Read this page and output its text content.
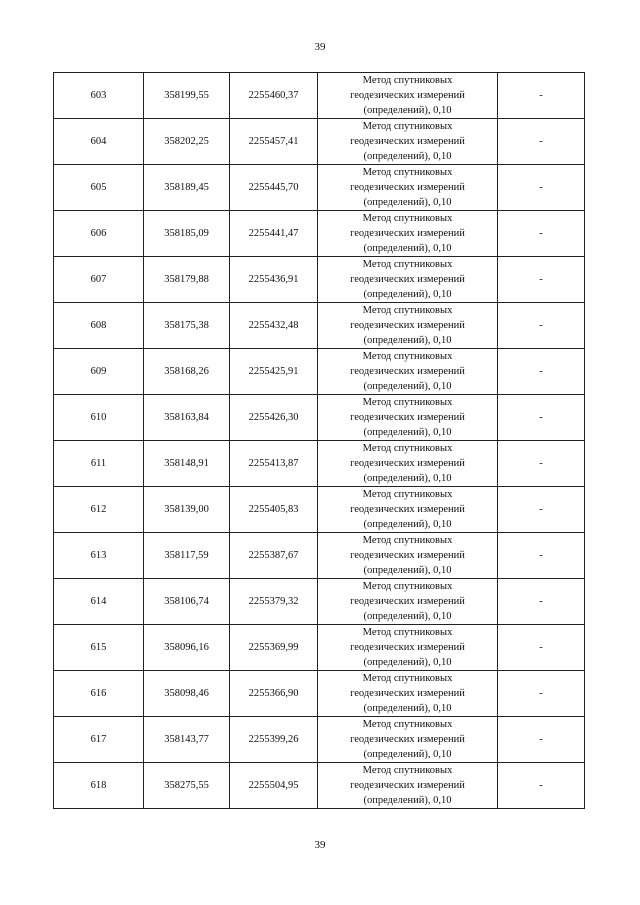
39
603	358199,55	2255460,37	Метод спутниковых
геодезических измерений
(определений), 0,10	-
604	358202,25	2255457,41	Метод спутниковых
геодезических измерений
(определений), 0,10	-
605	358189,45	2255445,70	Метод спутниковых
геодезических измерений
(определений), 0,10	-
606	358185,09	2255441,47	Метод спутниковых
геодезических измерений
(определений), 0,10	-
607	358179,88	2255436,91	Метод спутниковых
геодезических измерений
(определений), 0,10	-
608	358175,38	2255432,48	Метод спутниковых
геодезических измерений
(определений), 0,10	-
609	358168,26	2255425,91	Метод спутниковых
геодезических измерений
(определений), 0,10	-
610	358163,84	2255426,30	Метод спутниковых
геодезических измерений
(определений), 0,10	-
611	358148,91	2255413,87	Метод спутниковых
геодезических измерений
(определений), 0,10	-
612	358139,00	2255405,83	Метод спутниковых
геодезических измерений
(определений), 0,10	-
613	358117,59	2255387,67	Метод спутниковых
геодезических измерений
(определений), 0,10	-
614	358106,74	2255379,32	Метод спутниковых
геодезических измерений
(определений), 0,10	-
615	358096,16	2255369,99	Метод спутниковых
геодезических измерений
(определений), 0,10	-
616	358098,46	2255366,90	Метод спутниковых
геодезических измерений
(определений), 0,10	-
617	358143,77	2255399,26	Метод спутниковых
геодезических измерений
(определений), 0,10	-
618	358275,55	2255504,95	Метод спутниковых
геодезических измерений
(определений), 0,10	-
39
